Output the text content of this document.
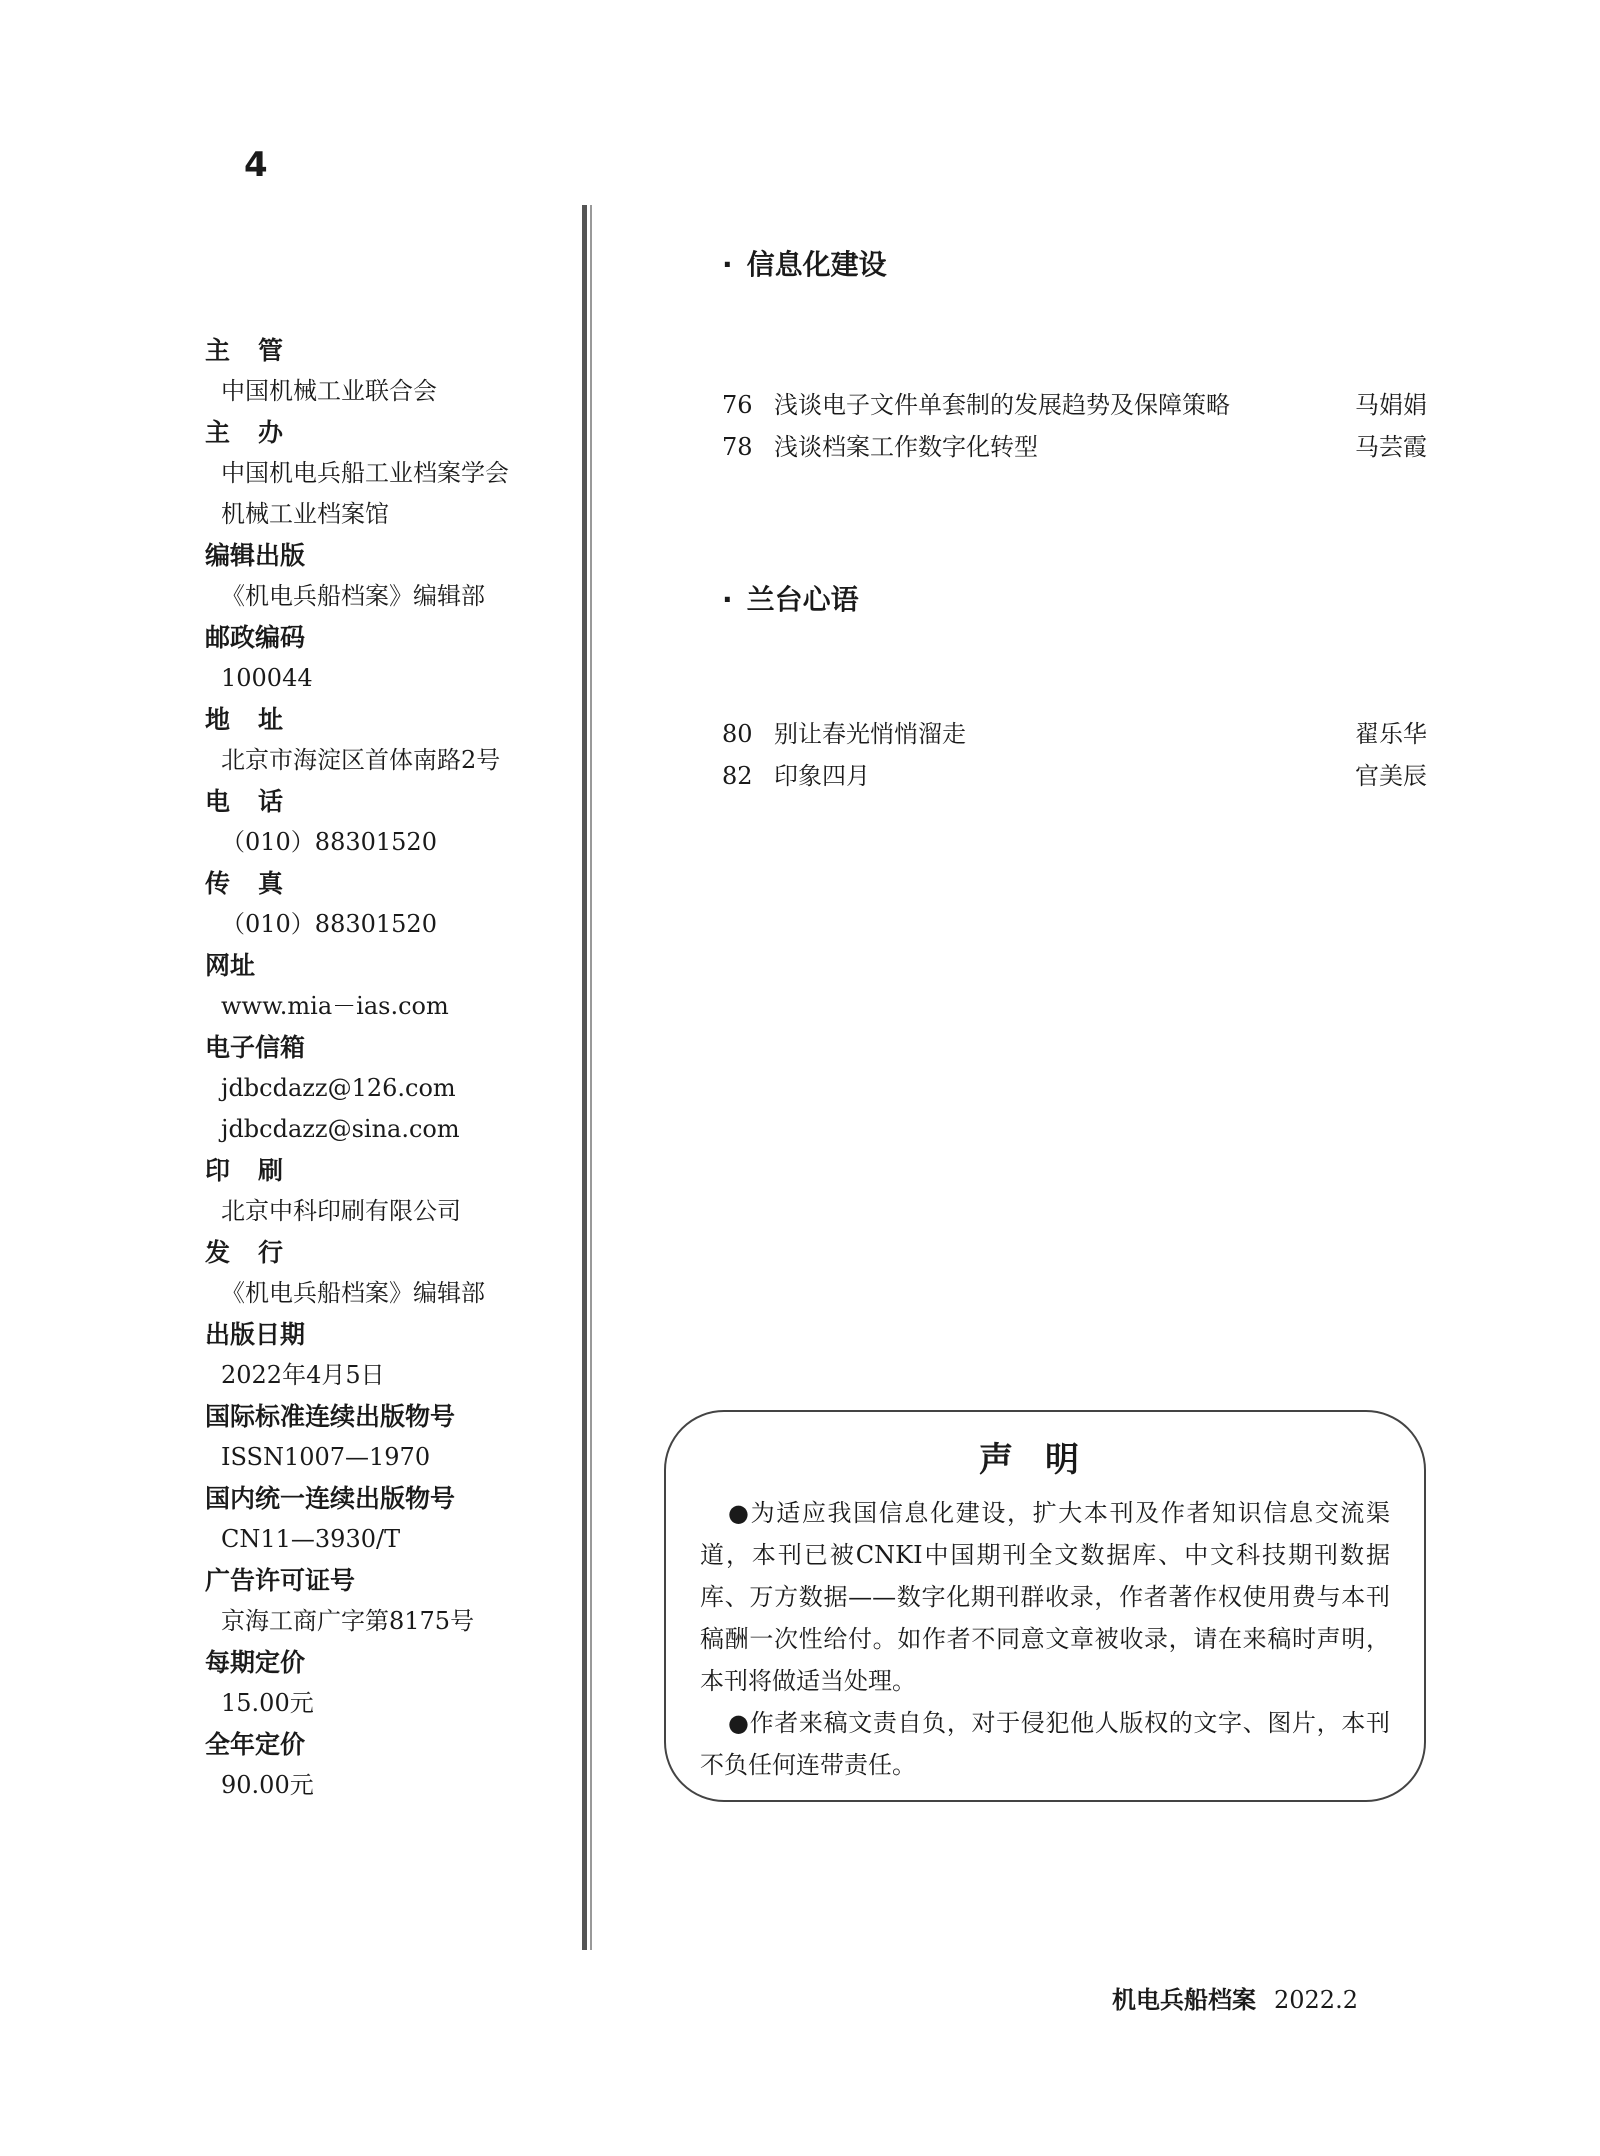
4
主管
中国机械工业联合会
主办
中国机电兵船工业档案学会
机械工业档案馆
编辑出版
《机电兵船档案》编辑部
邮政编码
100044
地址
北京市海淀区首体南路2号
电话
（010）88301520
传真
（010）88301520
网址
www.mia－ias.com
电子信箱
jdbcdazz@126.com
jdbcdazz@sina.com
印刷
北京中科印刷有限公司
发行
《机电兵船档案》编辑部
出版日期
2022年4月5日
国际标准连续出版物号
ISSN1007—1970
国内统一连续出版物号
CN11—3930/T
广告许可证号
京海工商广字第8175号
每期定价
15.00元
全年定价
90.00元
· 信息化建设
76 浅谈电子文件单套制的发展趋势及保障策略	马娟娟
78 浅谈档案工作数字化转型	马芸霞
· 兰台心语
80 别让春光悄悄溜走	翟乐华
82 印象四月	官美辰
声明

●为适应我国信息化建设，扩大本刊及作者知识信息交流渠道，本刊已被CNKI中国期刊全文数据库、中文科技期刊数据库、万方数据——数字化期刊群收录，作者著作权使用费与本刊稿酬一次性给付。如作者不同意文章被收录，请在来稿时声明，本刊将做适当处理。

●作者来稿文责自负，对于侵犯他人版权的文字、图片，本刊不负任何连带责任。

机电兵船档案 2022.2
